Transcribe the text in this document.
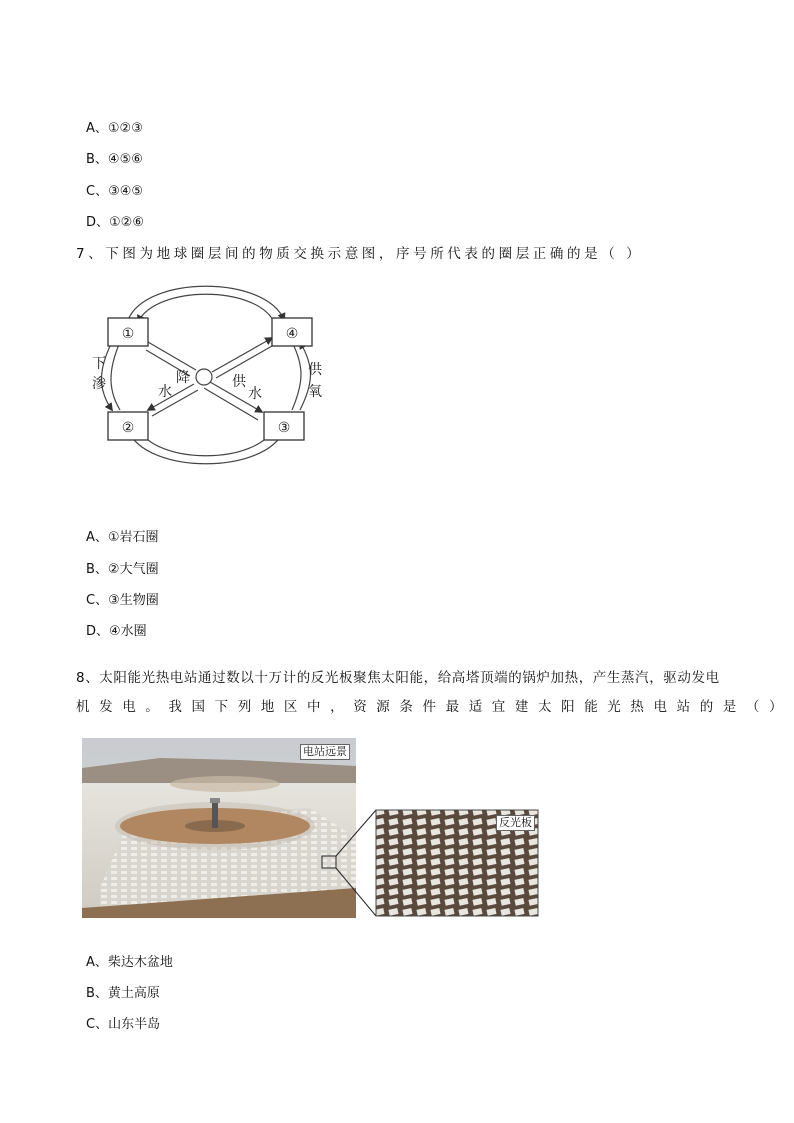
A、①②③
B、④⑤⑥
C、③④⑤
D、①②⑥
7、下图为地球圈层间的物质交换示意图，序号所代表的圈层正确的是（ ）
①	④
②	③
下
渗
供
氧
水
降	供
水
A、①岩石圈
B、②大气圈
C、③生物圈
D、④水圈
8、太阳能光热电站通过数以十万计的反光板聚焦太阳能，给高塔顶端的锅炉加热，产生蒸汽，驱动发电
机发电。我国下列地区中，资源条件最适宜建太阳能光热电站的是（）
电站远景
反光板
A、柴达木盆地
B、黄土高原
C、山东半岛
